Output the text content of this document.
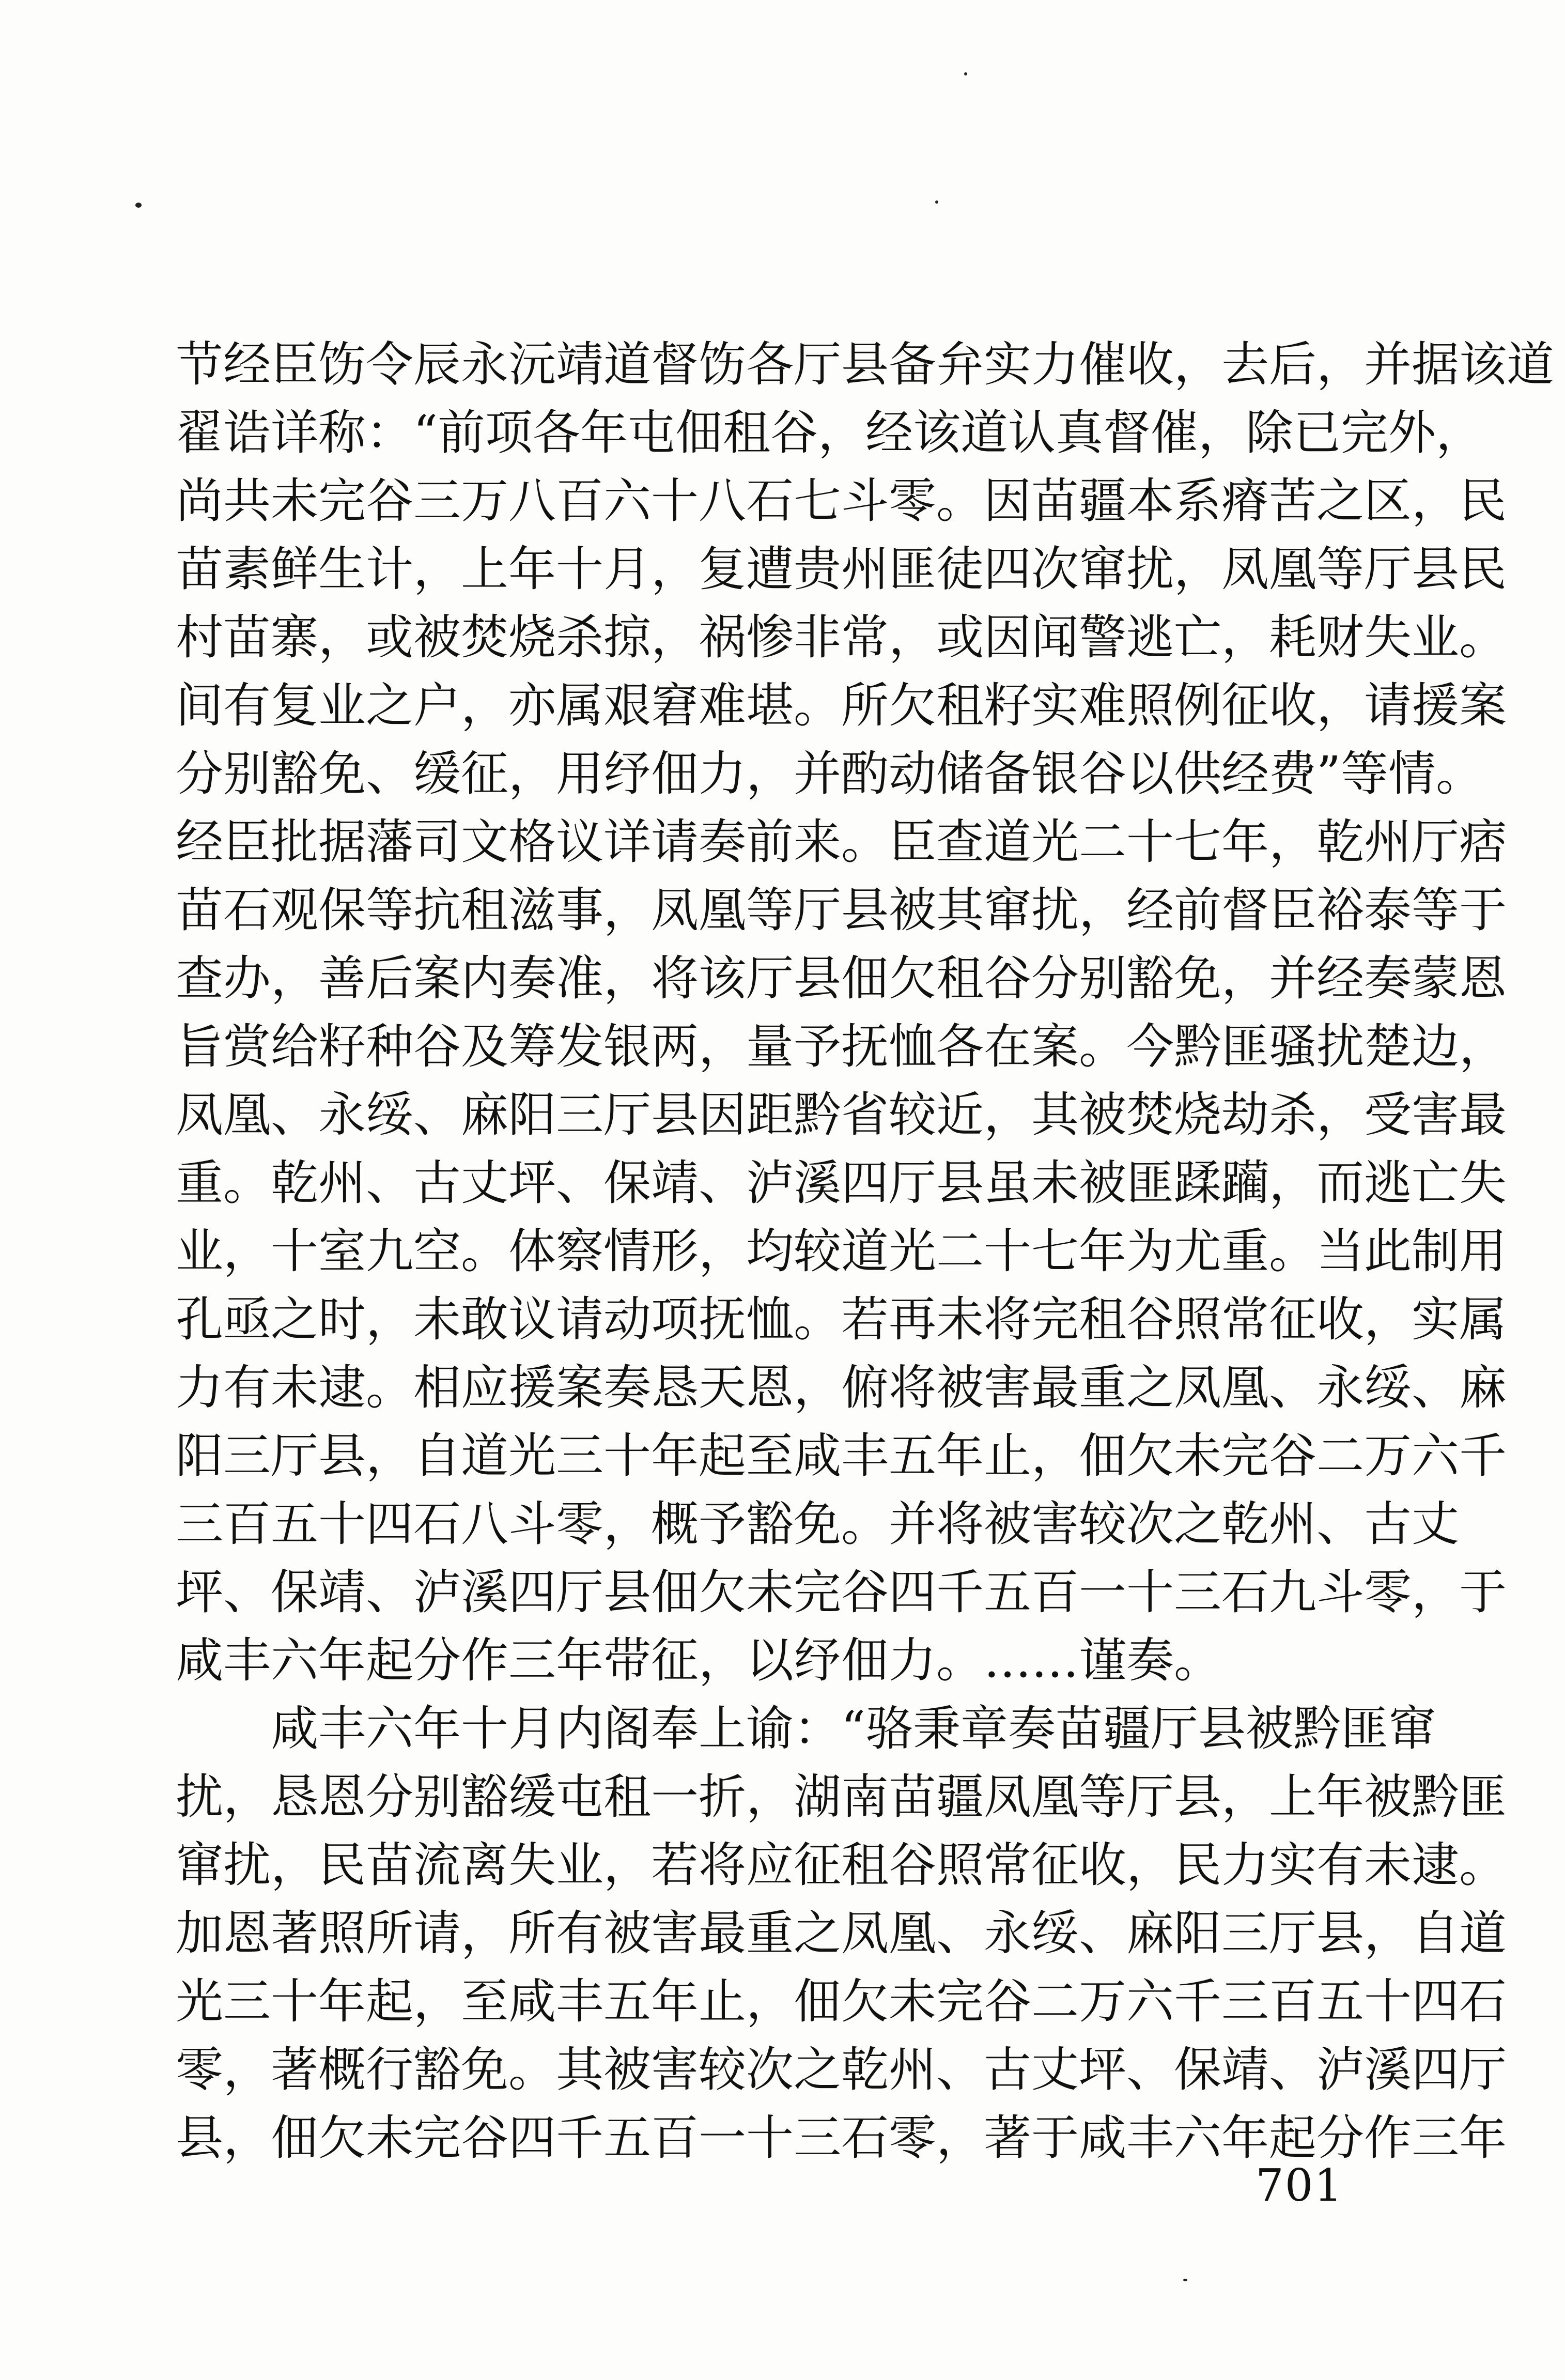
节经臣饬令辰永沅靖道督饬各厅县备弁实力催收，去后，并据该道
翟诰详称：“前项各年屯佃租谷，经该道认真督催，除已完外，
尚共未完谷三万八百六十八石七斗零。因苗疆本系瘠苦之区，民
苗素鲜生计，上年十月，复遭贵州匪徒四次窜扰，凤凰等厅县民
村苗寨，或被焚烧杀掠，祸惨非常，或因闻警逃亡，耗财失业。
间有复业之户，亦属艰窘难堪。所欠租籽实难照例征收，请援案
分别豁免、缓征，用纾佃力，并酌动储备银谷以供经费”等情。
经臣批据藩司文格议详请奏前来。臣查道光二十七年，乾州厅痞
苗石观保等抗租滋事，凤凰等厅县被其窜扰，经前督臣裕泰等于
查办，善后案内奏准，将该厅县佃欠租谷分别豁免，并经奏蒙恩
旨赏给籽种谷及筹发银两，量予抚恤各在案。今黔匪骚扰楚边，
凤凰、永绥、麻阳三厅县因距黔省较近，其被焚烧劫杀，受害最
重。乾州、古丈坪、保靖、泸溪四厅县虽未被匪蹂躏，而逃亡失
业，十室九空。体察情形，均较道光二十七年为尤重。当此制用
孔亟之时，未敢议请动项抚恤。若再未将完租谷照常征收，实属
力有未逮。相应援案奏恳天恩，俯将被害最重之凤凰、永绥、麻
阳三厅县，自道光三十年起至咸丰五年止，佃欠未完谷二万六千
三百五十四石八斗零，概予豁免。并将被害较次之乾州、古丈
坪、保靖、泸溪四厅县佃欠未完谷四千五百一十三石九斗零，于
咸丰六年起分作三年带征，以纾佃力。……谨奏。
咸丰六年十月内阁奉上谕：“骆秉章奏苗疆厅县被黔匪窜
扰，恳恩分别豁缓屯租一折，湖南苗疆凤凰等厅县，上年被黔匪
窜扰，民苗流离失业，若将应征租谷照常征收，民力实有未逮。
加恩著照所请，所有被害最重之凤凰、永绥、麻阳三厅县，自道
光三十年起，至咸丰五年止，佃欠未完谷二万六千三百五十四石
零，著概行豁免。其被害较次之乾州、古丈坪、保靖、泸溪四厅
县，佃欠未完谷四千五百一十三石零，著于咸丰六年起分作三年
701
